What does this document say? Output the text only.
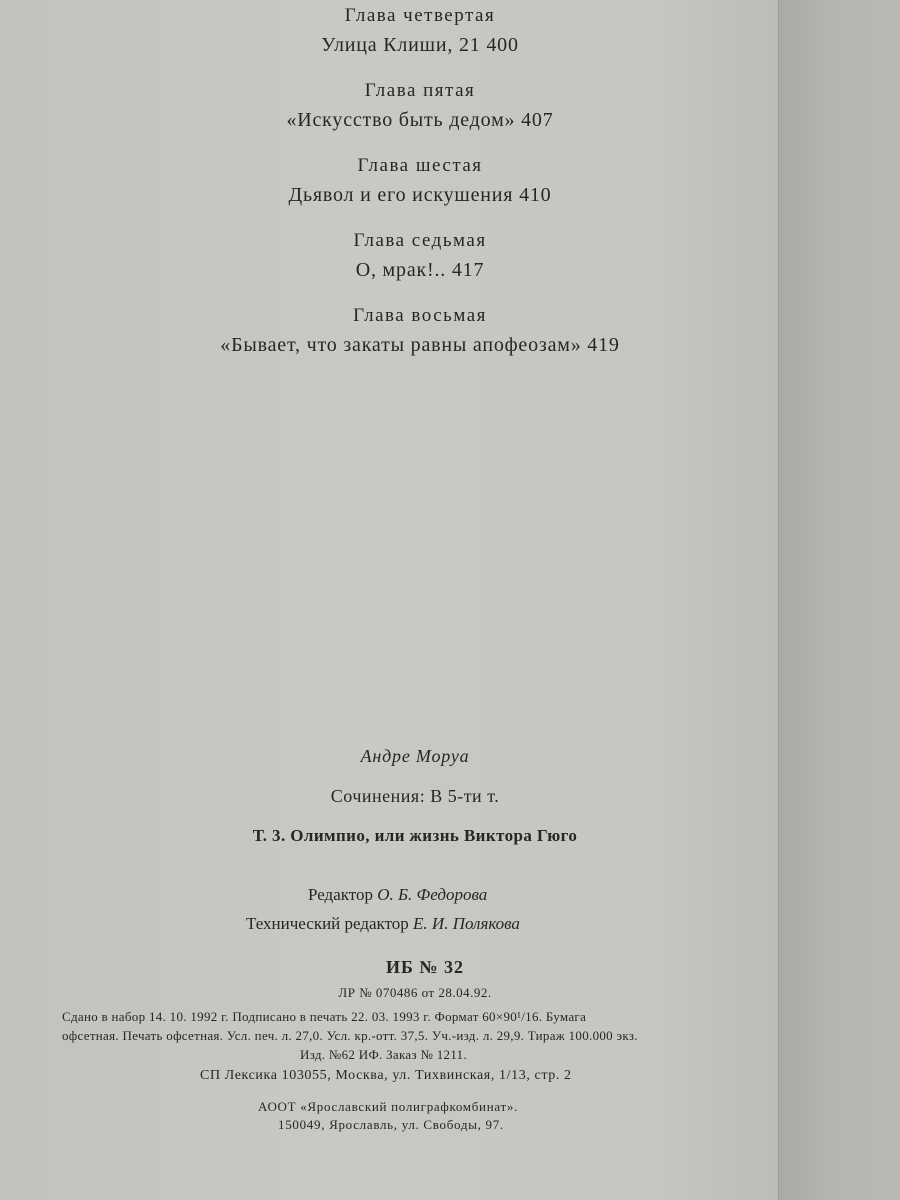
Глава четвертая
Улица Клиши, 21 400
Глава пятая
«Искусство быть дедом» 407
Глава шестая
Дьявол и его искушения 410
Глава седьмая
О, мрак!.. 417
Глава восьмая
«Бывает, что закаты равны апофеозам» 419
Андре Моруа
Сочинения: В 5-ти т.
Т. 3. Олимпио, или жизнь Виктора Гюго
Редактор О. Б. Федорова
Технический редактор Е. И. Полякова
ИБ № 32
ЛР № 070486 от 28.04.92.
Сдано в набор 14. 10. 1992 г. Подписано в печать 22. 03. 1993 г. Формат 60×90¹/16. Бумага
офсетная. Печать офсетная. Усл. печ. л. 27,0. Усл. кр.-отт. 37,5. Уч.-изд. л. 29,9. Тираж 100.000 экз.
Изд. №62 ИФ. Заказ № 1211.
СП Лексика 103055, Москва, ул. Тихвинская, 1/13, стр. 2
АООТ «Ярославский полиграфкомбинат».
150049, Ярославль, ул. Свободы, 97.
